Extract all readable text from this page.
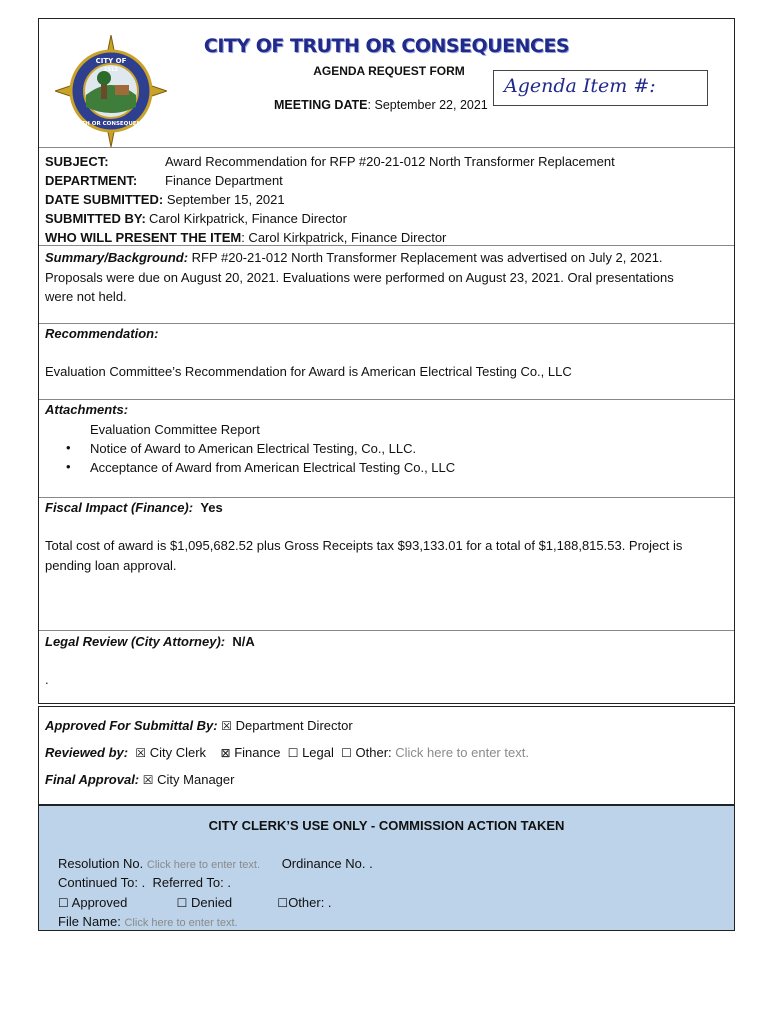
CITY OF
1912
TRUTH OR CONSEQUENCES
CITY OF TRUTH OR CONSEQUENCES
AGENDA REQUEST FORM
MEETING DATE: September 22, 2021
Agenda Item #:
SUBJECT:	Award Recommendation for RFP #20-21-012 North Transformer Replacement
DEPARTMENT: Finance Department
DATE SUBMITTED: September 15, 2021
SUBMITTED BY: Carol Kirkpatrick, Finance Director
WHO WILL PRESENT THE ITEM: Carol Kirkpatrick, Finance Director
Summary/Background: RFP #20-21-012 North Transformer Replacement was advertised on July 2, 2021.
Proposals were due on August 20, 2021. Evaluations were performed on August 23, 2021. Oral presentations
were not held.
Recommendation:
Evaluation Committee’s Recommendation for Award is American Electrical Testing Co., LLC
Attachments:
Evaluation Committee Report
• Notice of Award to American Electrical Testing, Co., LLC.
• Acceptance of Award from American Electrical Testing Co., LLC
Fiscal Impact (Finance): Yes
Total cost of award is $1,095,682.52 plus Gross Receipts tax $93,133.01 for a total of $1,188,815.53. Project is
pending loan approval.
Legal Review (City Attorney): N/A
.
Approved For Submittal By: ☒ Department Director
Reviewed by: ☒ City Clerk ⊠ Finance ☐ Legal ☐ Other: Click here to enter text.
Final Approval: ☒ City Manager
CITY CLERK’S USE ONLY - COMMISSION ACTION TAKEN
Resolution No. Click here to enter text. Ordinance No. .
Continued To: . Referred To: .
☐ Approved	☐ Denied	☐Other: .
File Name: Click here to enter text.
